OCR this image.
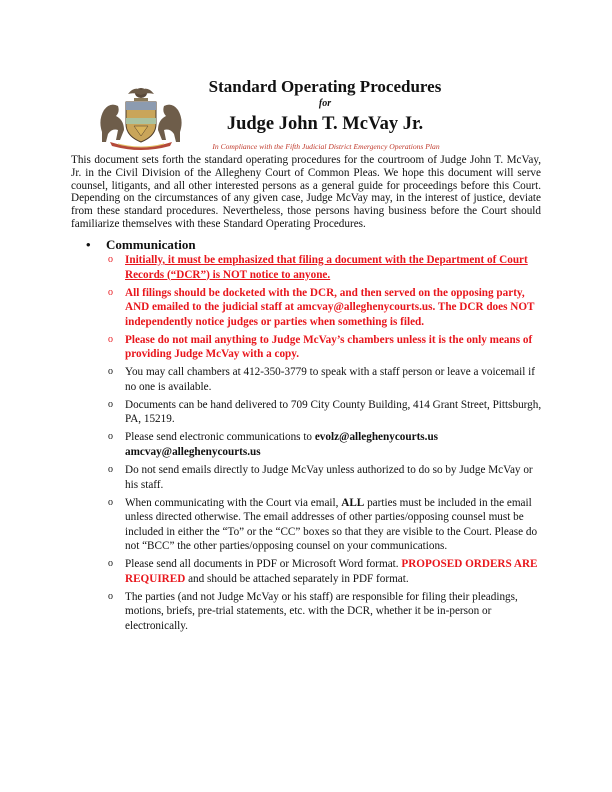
Standard Operating Procedures
for
Judge John T. McVay Jr.
In Compliance with the Fifth Judicial District Emergency Operations Plan

This document sets forth the standard operating procedures for the courtroom of Judge John T. McVay, Jr. in the Civil Division of the Allegheny Court of Common Pleas. We hope this document will serve counsel, litigants, and all other interested persons as a general guide for proceedings before this Court. Depending on the circumstances of any given case, Judge McVay may, in the interest of justice, deviate from these standard procedures. Nevertheless, those persons having business before the Court should familiarize themselves with these Standard Operating Procedures.

• Communication
o Initially, it must be emphasized that filing a document with the Department of Court Records (“DCR”) is NOT notice to anyone.
o All filings should be docketed with the DCR, and then served on the opposing party, AND emailed to the judicial staff at amcvay@alleghenycourts.us. The DCR does NOT independently notice judges or parties when something is filed.
o Please do not mail anything to Judge McVay’s chambers unless it is the only means of providing Judge McVay with a copy.
o You may call chambers at 412-350-3779 to speak with a staff person or leave a voicemail if no one is available.
o Documents can be hand delivered to 709 City County Building, 414 Grant Street, Pittsburgh, PA, 15219.
o Please send electronic communications to evolz@alleghenycourts.us
amcvay@alleghenycourts.us
o Do not send emails directly to Judge McVay unless authorized to do so by Judge McVay or his staff.
o When communicating with the Court via email, ALL parties must be included in the email unless directed otherwise. The email addresses of other parties/opposing counsel must be included in either the “To” or the “CC” boxes so that they are visible to the Court. Please do not “BCC” the other parties/opposing counsel on your communications.
o Please send all documents in PDF or Microsoft Word format. PROPOSED ORDERS ARE REQUIRED and should be attached separately in PDF format.
o The parties (and not Judge McVay or his staff) are responsible for filing their pleadings, motions, briefs, pre-trial statements, etc. with the DCR, whether it be in-person or electronically.
